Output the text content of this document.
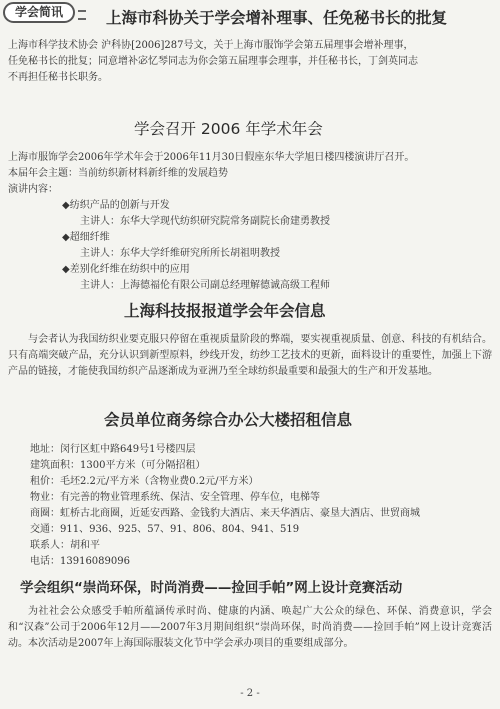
学会简讯	上海市科协关于学会增补理事、任免秘书长的批复

上海市科学技术协会 沪科协[2006]287号文，关于上海市服饰学会第五届理事会增补理事，

任免秘书长的批复；同意增补宓忆琴同志为你会第五届理事会理事，并任秘书长，丁剑英同志

不再担任秘书长职务。

学会召开 2006 年学术年会

上海市服饰学会2006年学术年会于2006年11月30日假座东华大学旭日楼四楼演讲厅召开。

本届年会主题：当前纺织新材料新纤维的发展趋势

演讲内容：

◆纺织产品的创新与开发

主讲人：东华大学现代纺织研究院常务副院长俞建勇教授

◆超细纤维

主讲人：东华大学纤维研究所所长胡祖明教授

◆差别化纤维在纺织中的应用

主讲人：上海德福伦有限公司副总经理解德诚高级工程师

上海科技报报道学会年会信息

与会者认为我国纺织业要克服只停留在重视质量阶段的弊端，要实视重视质量、创意、科技的有机结合。只有高端突破产品，充分认识到新型原料，纱线开发，纺纱工艺技术的更新，面料设计的重要性，加强上下游产品的链接，才能使我国纺织产品逐渐成为亚洲乃至全球纺织最重要和最强大的生产和开发基地。

会员单位商务综合办公大楼招租信息

地址：闵行区虹中路649号1号楼四层

建筑面积：1300平方米（可分隔招租）

租价：毛坯2.2元/平方米（含物业费0.2元/平方米）

物业：有完善的物业管理系统、保洁、安全管理、停车位，电梯等

商圈：虹桥古北商圈，近延安西路、金钱豹大酒店、来天华酒店、豪垦大酒店、世贸商城

交通：911、936、925、57、91、806、804、941、519

联系人：胡和平

电话：13916089096

学会组织“崇尚环保，时尚消费——捡回手帕”网上设计竞赛活动

为社社会公众感受手帕所蕴涵传承时尚、健康的内涵、唤起广大公众的绿色、环保、消费意识，学会和“汉森”公司于2006年12月——2007年3月期间组织“崇尚环保，时尚消费——捡回手帕”网上设计竞赛活动。本次活动是2007年上海国际服装文化节中学会承办项目的重要组成部分。

- 2 -
